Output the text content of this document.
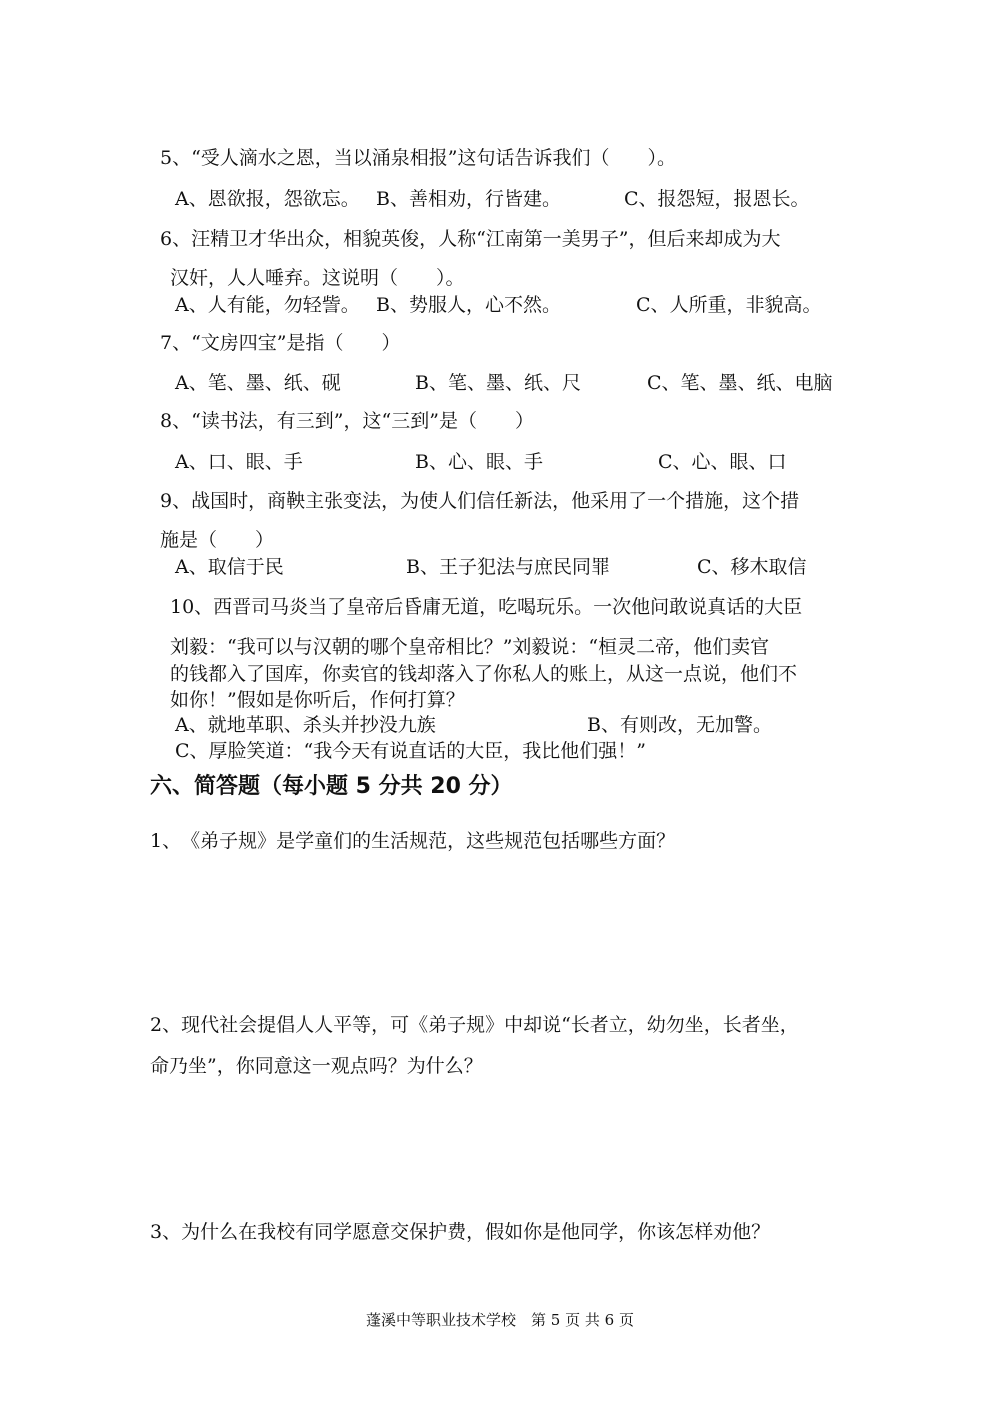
5、“受人滴水之恩，当以涌泉相报”这句话告诉我们（　　）。
A、恩欲报，怨欲忘。 B、善相劝，行皆建。	C、报怨短，报恩长。
6、汪精卫才华出众，相貌英俊，人称“江南第一美男子”，但后来却成为大
汉奸，人人唾弃。这说明（　　）。
A、人有能，勿轻訾。 B、势服人，心不然。	C、人所重，非貌高。
7、“文房四宝”是指（　　）
A、笔、墨、纸、砚	B、笔、墨、纸、尺	C、笔、墨、纸、电脑
8、“读书法，有三到”，这“三到”是（　　）
A、口、眼、手	B、心、眼、手	C、心、眼、口
9、战国时，商鞅主张变法，为使人们信任新法，他采用了一个措施，这个措
施是（　　）
A、取信于民	B、王子犯法与庶民同罪	C、移木取信
10、西晋司马炎当了皇帝后昏庸无道，吃喝玩乐。一次他问敢说真话的大臣
刘毅：“我可以与汉朝的哪个皇帝相比？”刘毅说：“桓灵二帝，他们卖官
的钱都入了国库，你卖官的钱却落入了你私人的账上，从这一点说，他们不
如你！”假如是你听后，作何打算？
A、就地革职、杀头并抄没九族	B、有则改，无加警。
C、厚脸笑道：“我今天有说直话的大臣，我比他们强！”
六、简答题（每小题 5 分共 20 分）
1、　《弟子规》是学童们的生活规范，这些规范包括哪些方面？
2、现代社会提倡人人平等，可《弟子规》中却说“长者立，幼勿坐，长者坐，
命乃坐”，你同意这一观点吗？为什么？
3、为什么在我校有同学愿意交保护费，假如你是他同学，你该怎样劝他？
蓬溪中等职业技术学校　第 5 页 共 6 页
